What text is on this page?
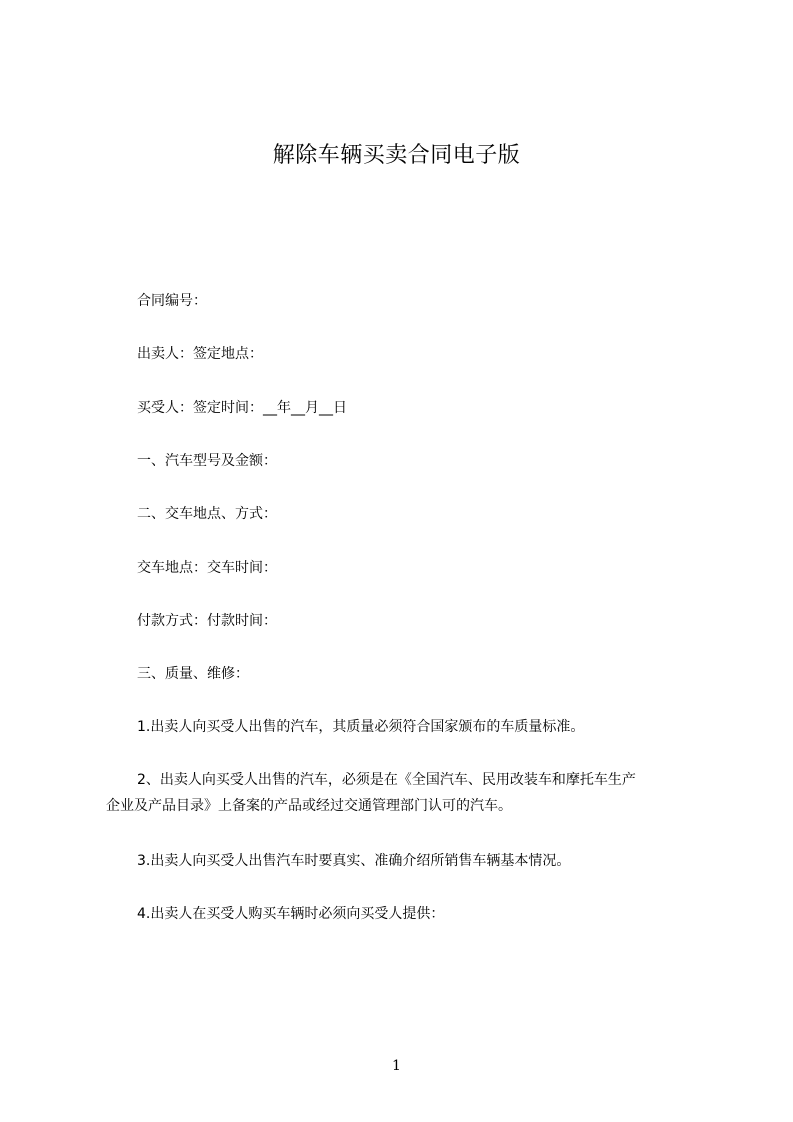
解除车辆买卖合同电子版
合同编号：
出卖人：签定地点：
买受人：签定时间：__年__月__日
一、汽车型号及金额：
二、交车地点、方式：
交车地点：交车时间：
付款方式：付款时间：
三、质量、维修：
1.出卖人向买受人出售的汽车，其质量必须符合国家颁布的车质量标准。
2、出卖人向买受人出售的汽车，必须是在《全国汽车、民用改装车和摩托车生产
企业及产品目录》上备案的产品或经过交通管理部门认可的汽车。
3.出卖人向买受人出售汽车时要真实、准确介绍所销售车辆基本情况。
4.出卖人在买受人购买车辆时必须向买受人提供：
1
